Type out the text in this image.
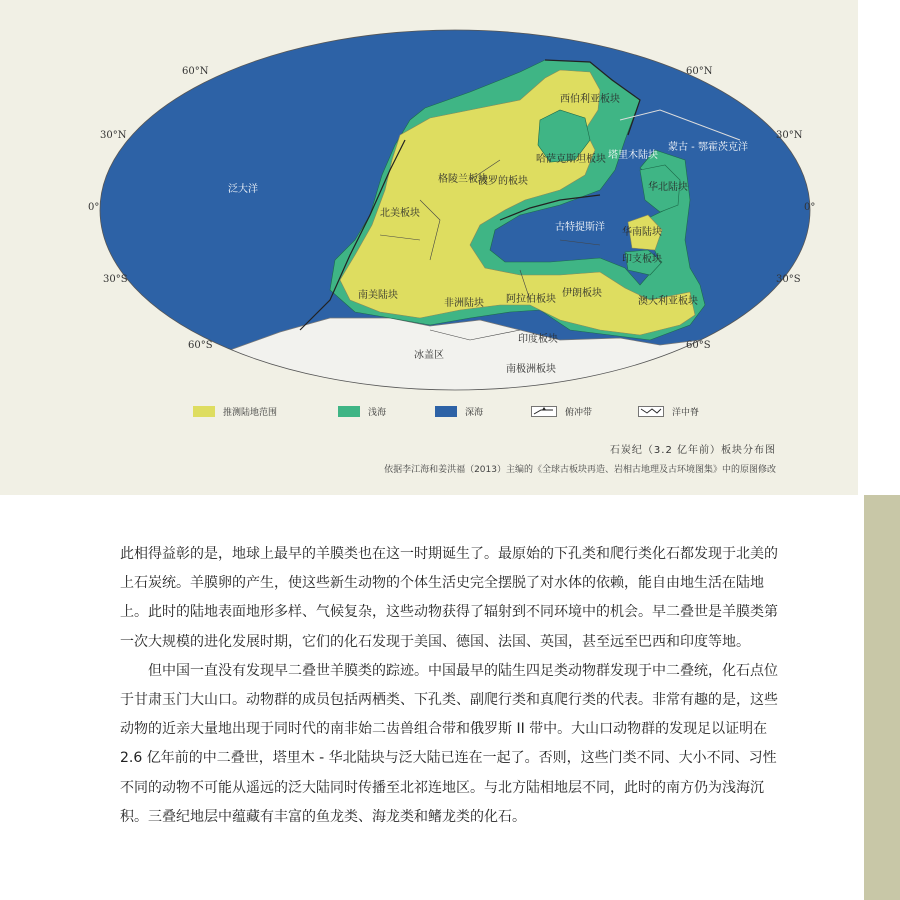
60°N	60°N
30°N	30°N
0°	0°
30°S	30°S
60°S	60°S
泛大洋
北美板块
格陵兰板块
波罗的板块
西伯利亚板块
哈萨克斯坦板块 塔里木陆块
蒙古 - 鄂霍茨克洋
华北陆块
古特提斯洋 华南陆块
印支板块
南美陆块
非洲陆块 阿拉伯板块
伊朗板块
澳大利亚板块
印度板块
冰盖区
南极洲板块
推测陆地范围	浅海	深海	俯冲带	洋中脊
石炭纪（3.2 亿年前）板块分布图
依据李江海和姜洪福（2013）主编的《全球古板块再造、岩相古地理及古环境图集》中的原图修改

此相得益彰的是，地球上最早的羊膜类也在这一时期诞生了。最原始的下孔类和爬行类化石都发现于北美的上石炭统。羊膜卵的产生，使这些新生动物的个体生活史完全摆脱了对水体的依赖，能自由地生活在陆地上。此时的陆地表面地形多样、气候复杂，这些动物获得了辐射到不同环境中的机会。早二叠世是羊膜类第一次大规模的进化发展时期，它们的化石发现于美国、德国、法国、英国，甚至远至巴西和印度等地。

但中国一直没有发现早二叠世羊膜类的踪迹。中国最早的陆生四足类动物群发现于中二叠统，化石点位于甘肃玉门大山口。动物群的成员包括两栖类、下孔类、副爬行类和真爬行类的代表。非常有趣的是，这些动物的近亲大量地出现于同时代的南非始二齿兽组合带和俄罗斯 II 带中。大山口动物群的发现足以证明在 2.6 亿年前的中二叠世，塔里木 - 华北陆块与泛大陆已连在一起了。否则，这些门类不同、大小不同、习性不同的动物不可能从遥远的泛大陆同时传播至北祁连地区。与北方陆相地层不同，此时的南方仍为浅海沉积。三叠纪地层中蕴藏有丰富的鱼龙类、海龙类和鳍龙类的化石。
